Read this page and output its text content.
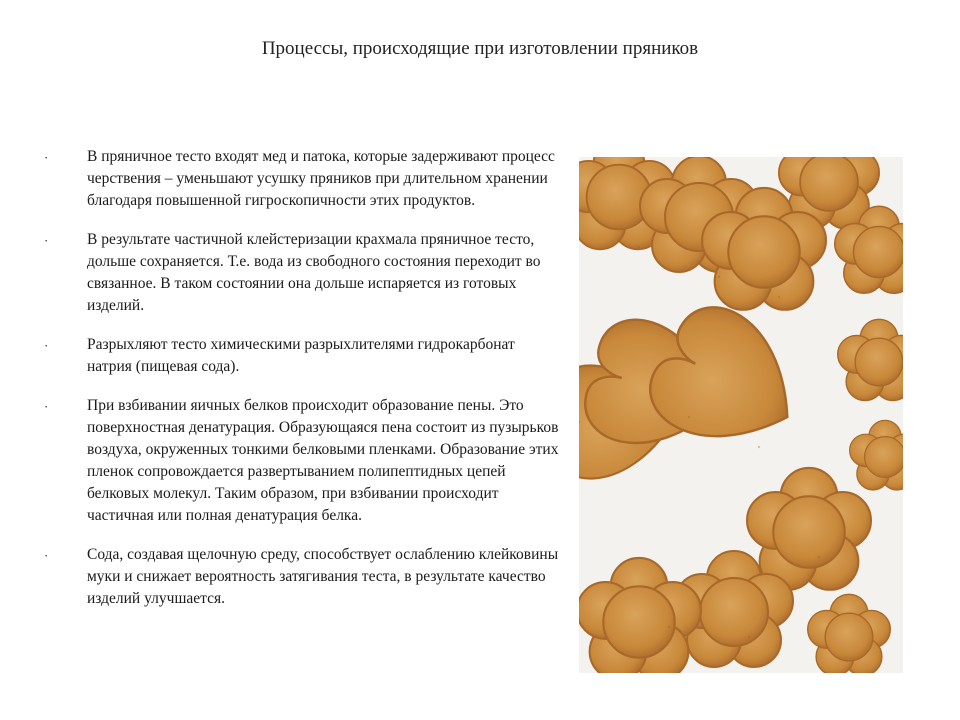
Процессы, происходящие при изготовлении пряников
· В пряничное тесто входят мед и патока, которые задерживают процесс черствения – уменьшают усушку пряников при длительном хранении благодаря повышенной гигроскопичности этих продуктов.
· В результате частичной клейстеризации крахмала пряничное тесто, дольше сохраняется. Т.е. вода из свободного состояния переходит во связанное. В таком состоянии она дольше испаряется из готовых изделий.
· Разрыхляют тесто химическими разрыхлителями гидрокарбонат натрия (пищевая сода).
· При взбивании яичных белков происходит образование пены. Это поверхностная денатурация. Образующаяся пена состоит из пузырьков воздуха, окруженных тонкими белковыми пленками. Образование этих пленок сопровождается развертыванием полипептидных цепей белковых молекул. Таким образом, при взбивании происходит частичная или полная денатурация белка.
· Сода, создавая щелочную среду, способствует ослаблению клейковины муки и снижает вероятность затягивания теста, в результате качество изделий улучшается.
